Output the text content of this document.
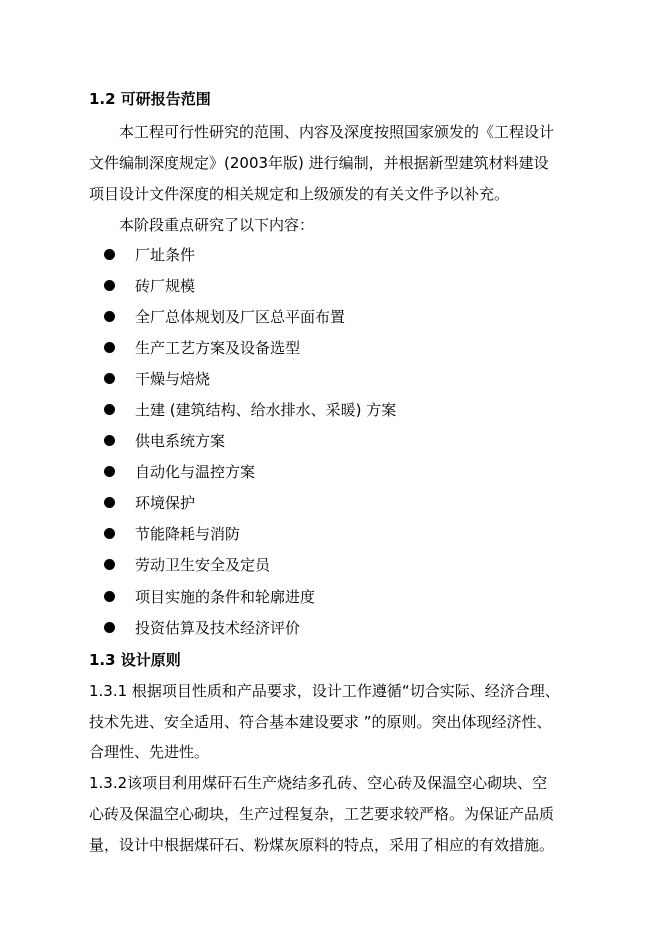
1.2 可研报告范围
本工程可行性研究的范围、内容及深度按照国家颁发的《工程设计
文件编制深度规定》(2003年版) 进行编制，并根据新型建筑材料建设
项目设计文件深度的相关规定和上级颁发的有关文件予以补充。
本阶段重点研究了以下内容：
厂址条件
砖厂规模
全厂总体规划及厂区总平面布置
生产工艺方案及设备选型
干燥与焙烧
土建 (建筑结构、给水排水、采暖) 方案
供电系统方案
自动化与温控方案
环境保护
节能降耗与消防
劳动卫生安全及定员
项目实施的条件和轮廓进度
投资估算及技术经济评价
1.3 设计原则
1.3.1 根据项目性质和产品要求，设计工作遵循“切合实际、经济合理、
技术先进、安全适用、符合基本建设要求 ”的原则。突出体现经济性、
合理性、先进性。
1.3.2该项目利用煤矸石生产烧结多孔砖、空心砖及保温空心砌块、空
心砖及保温空心砌块，生产过程复杂，工艺要求较严格。为保证产品质
量，设计中根据煤矸石、粉煤灰原料的特点，采用了相应的有效措施。
